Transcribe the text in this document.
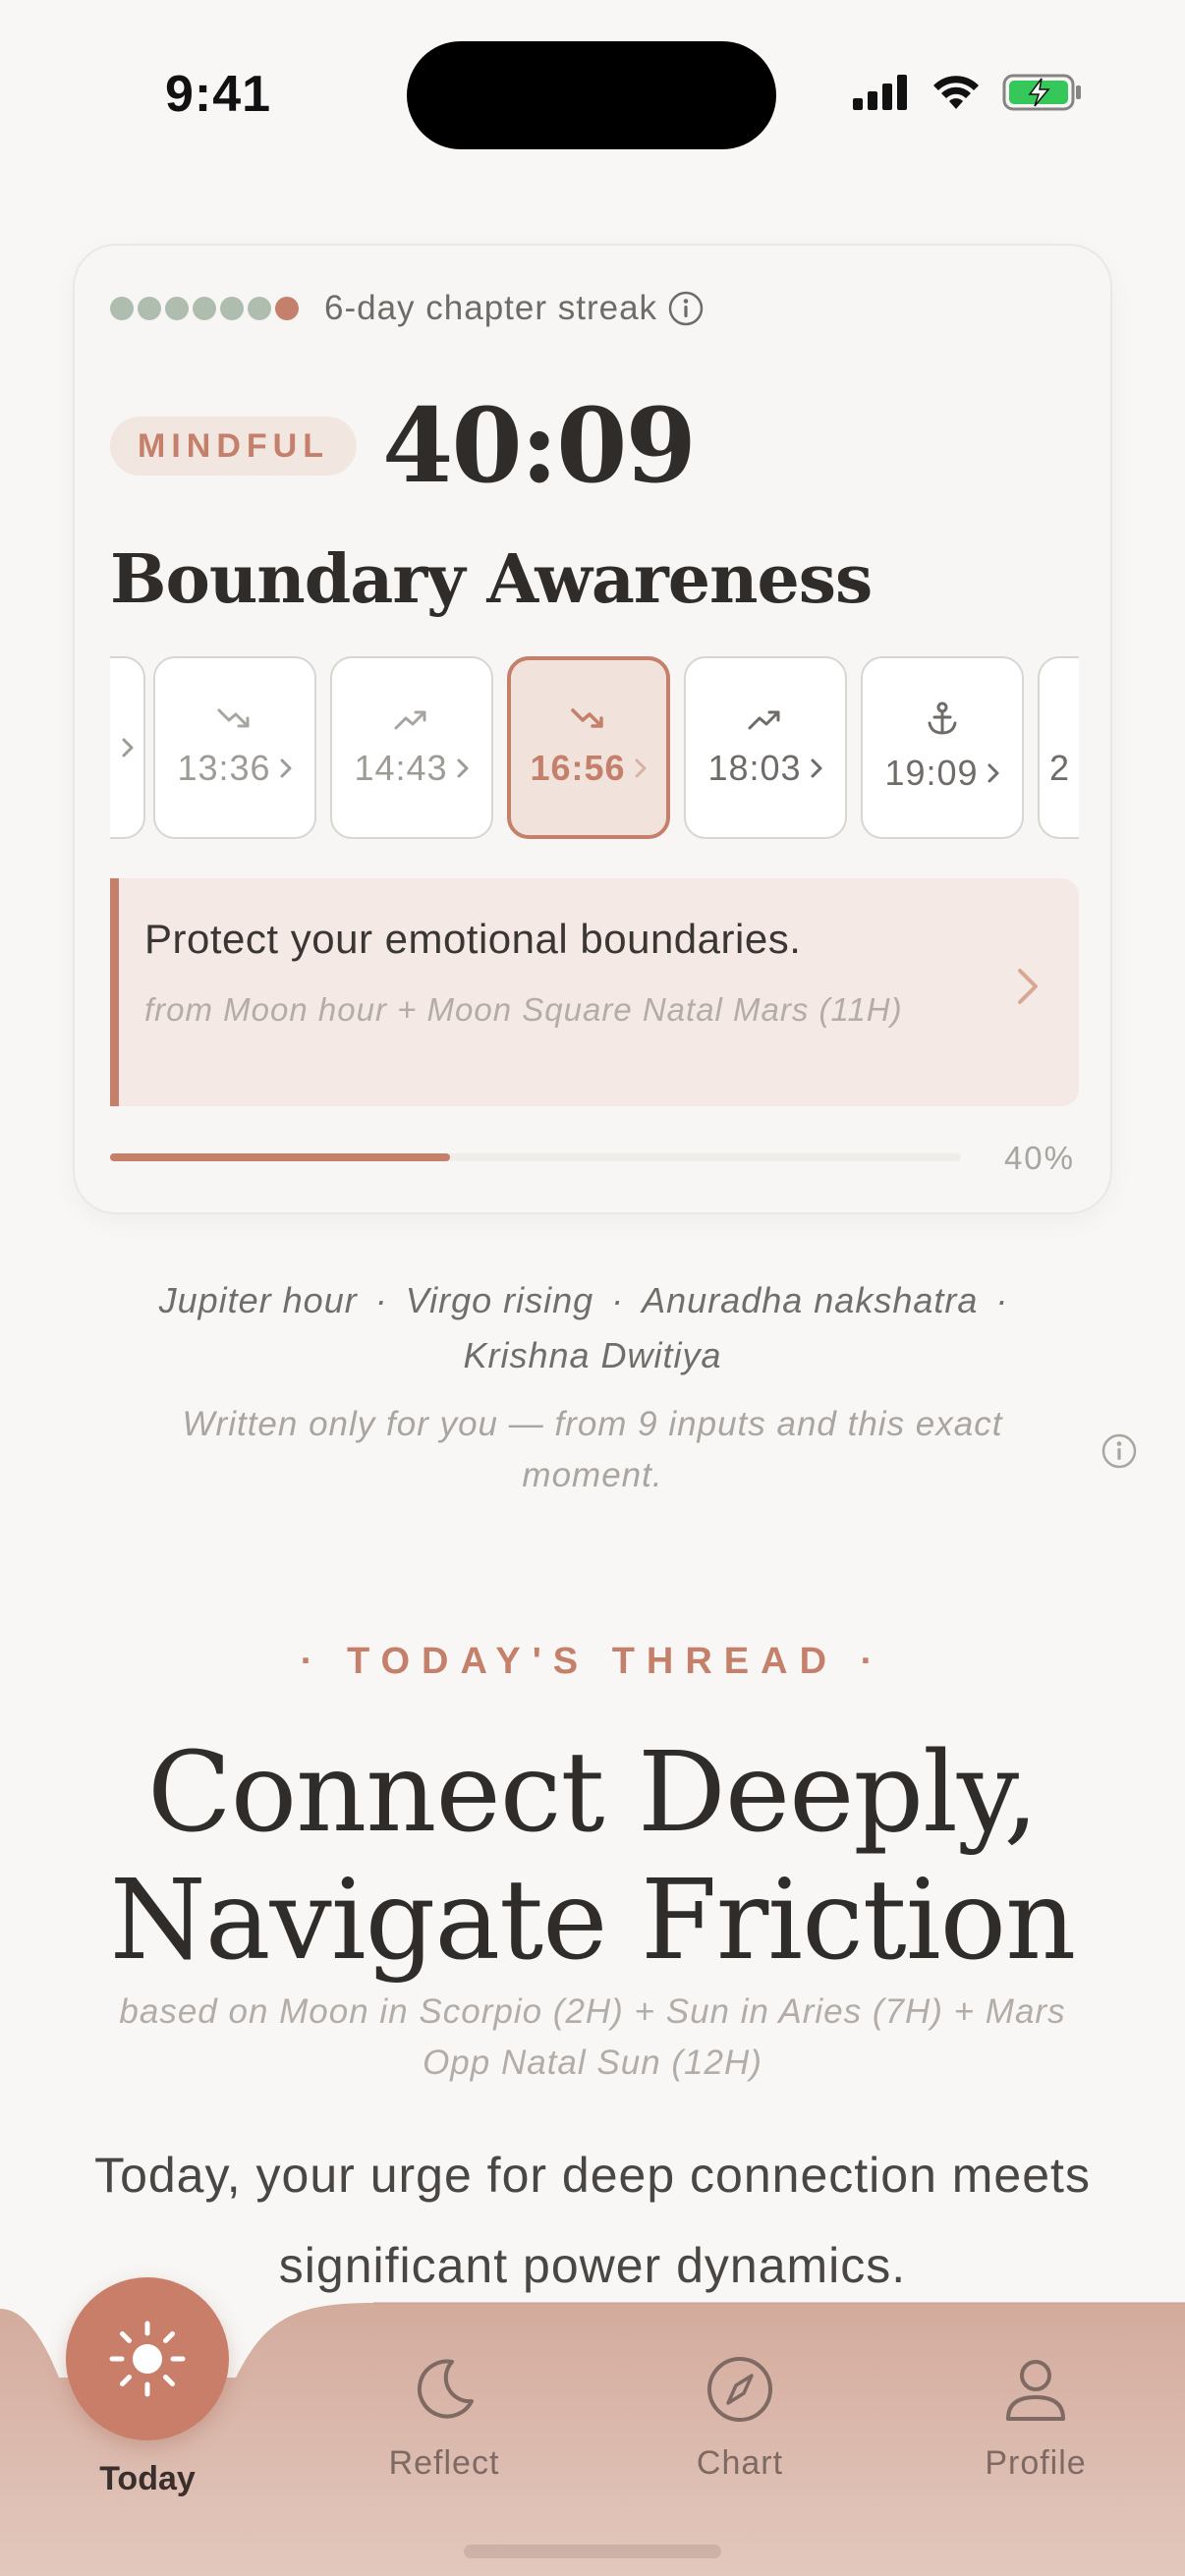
9:41
6-day chapter streak
MINDFUL 40:09
Boundary Awareness
13:36 14:43 16:56 18:03 19:09 2
Protect your emotional boundaries.
from Moon hour + Moon Square Natal Mars (11H)
40%
Jupiter hour · Virgo rising · Anuradha nakshatra ·
Krishna Dwitiya
Written only for you — from 9 inputs and this exact moment.
· TODAY'S THREAD ·
Connect Deeply,
Navigate Friction
based on Moon in Scorpio (2H) + Sun in Aries (7H) + Mars Opp Natal Sun (12H)
Today, your urge for deep connection meets significant power dynamics.
Today	Reflect	Chart	Profile
